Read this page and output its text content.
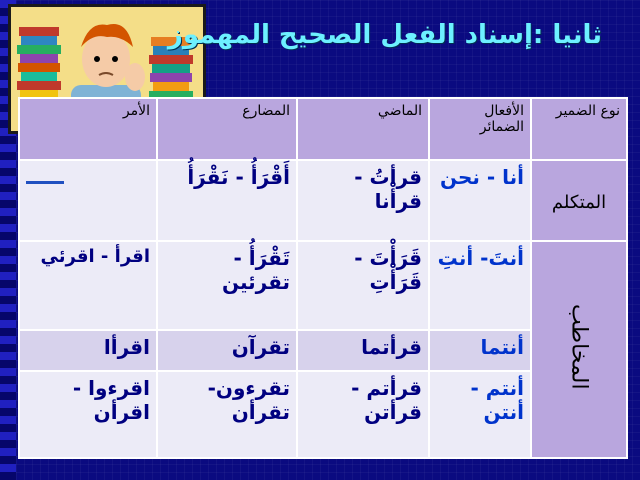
ثانيا :إسناد الفعل الصحيح المهموز
نوع الضمير	الأفعال الضمائر	الماضي	المضارع	الأمر
المتكلم	أنا - نحن	قرأتُ - قرأْنا	أَقْرَأُ - نَقْرَأُ	
المخاطب	أنتَ- أنتِ	قَرَأْتَ - قَرَأْتِ	تَقْرَأُ - تقرئين	اقرأ - اقرئي
	أنتما	قرأتما	تقرآن	اقرأا
	أنتم - أنتن	قرأتم - قرأتن	تقرءون- تقرأن	اقرءوا - اقرأن
